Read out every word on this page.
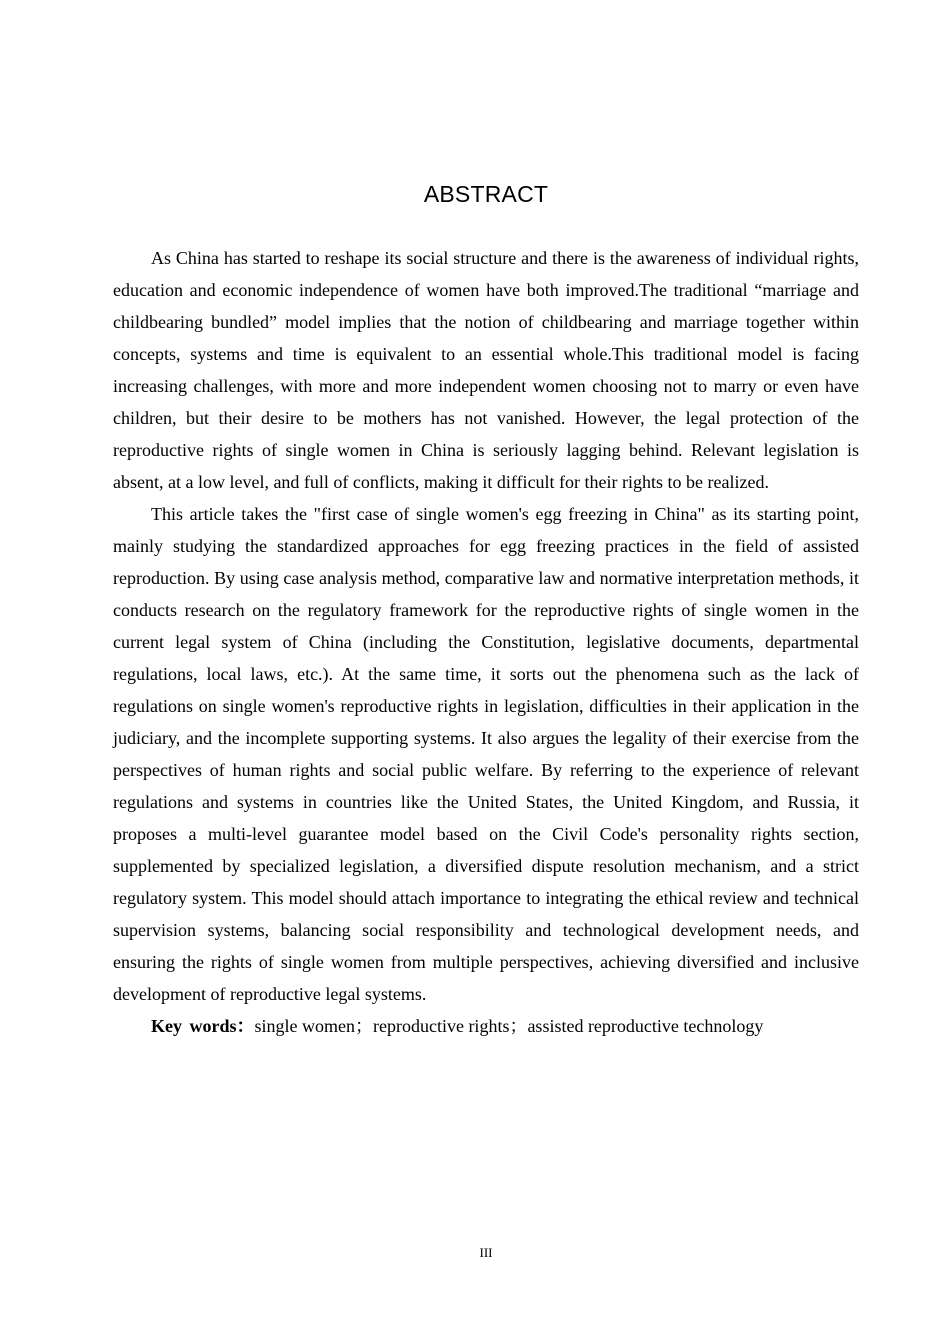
ABSTRACT

As China has started to reshape its social structure and there is the awareness of individual rights, education and economic independence of women have both improved.The traditional “marriage and childbearing bundled” model implies that the notion of childbearing and marriage together within concepts, systems and time is equivalent to an essential whole.This traditional model is facing increasing challenges, with more and more independent women choosing not to marry or even have children, but their desire to be mothers has not vanished. However, the legal protection of the reproductive rights of single women in China is seriously lagging behind. Relevant legislation is absent, at a low level, and full of conflicts, making it difficult for their rights to be realized.

This article takes the "first case of single women's egg freezing in China" as its starting point, mainly studying the standardized approaches for egg freezing practices in the field of assisted reproduction. By using case analysis method, comparative law and normative interpretation methods, it conducts research on the regulatory framework for the reproductive rights of single women in the current legal system of China (including the Constitution, legislative documents, departmental regulations, local laws, etc.). At the same time, it sorts out the phenomena such as the lack of regulations on single women's reproductive rights in legislation, difficulties in their application in the judiciary, and the incomplete supporting systems. It also argues the legality of their exercise from the perspectives of human rights and social public welfare. By referring to the experience of relevant regulations and systems in countries like the United States, the United Kingdom, and Russia, it proposes a multi-level guarantee model based on the Civil Code's personality rights section, supplemented by specialized legislation, a diversified dispute resolution mechanism, and a strict regulatory system. This model should attach importance to integrating the ethical review and technical supervision systems, balancing social responsibility and technological development needs, and ensuring the rights of single women from multiple perspectives, achieving diversified and inclusive development of reproductive legal systems.

Key words：single women；reproductive rights；assisted reproductive technology

III
